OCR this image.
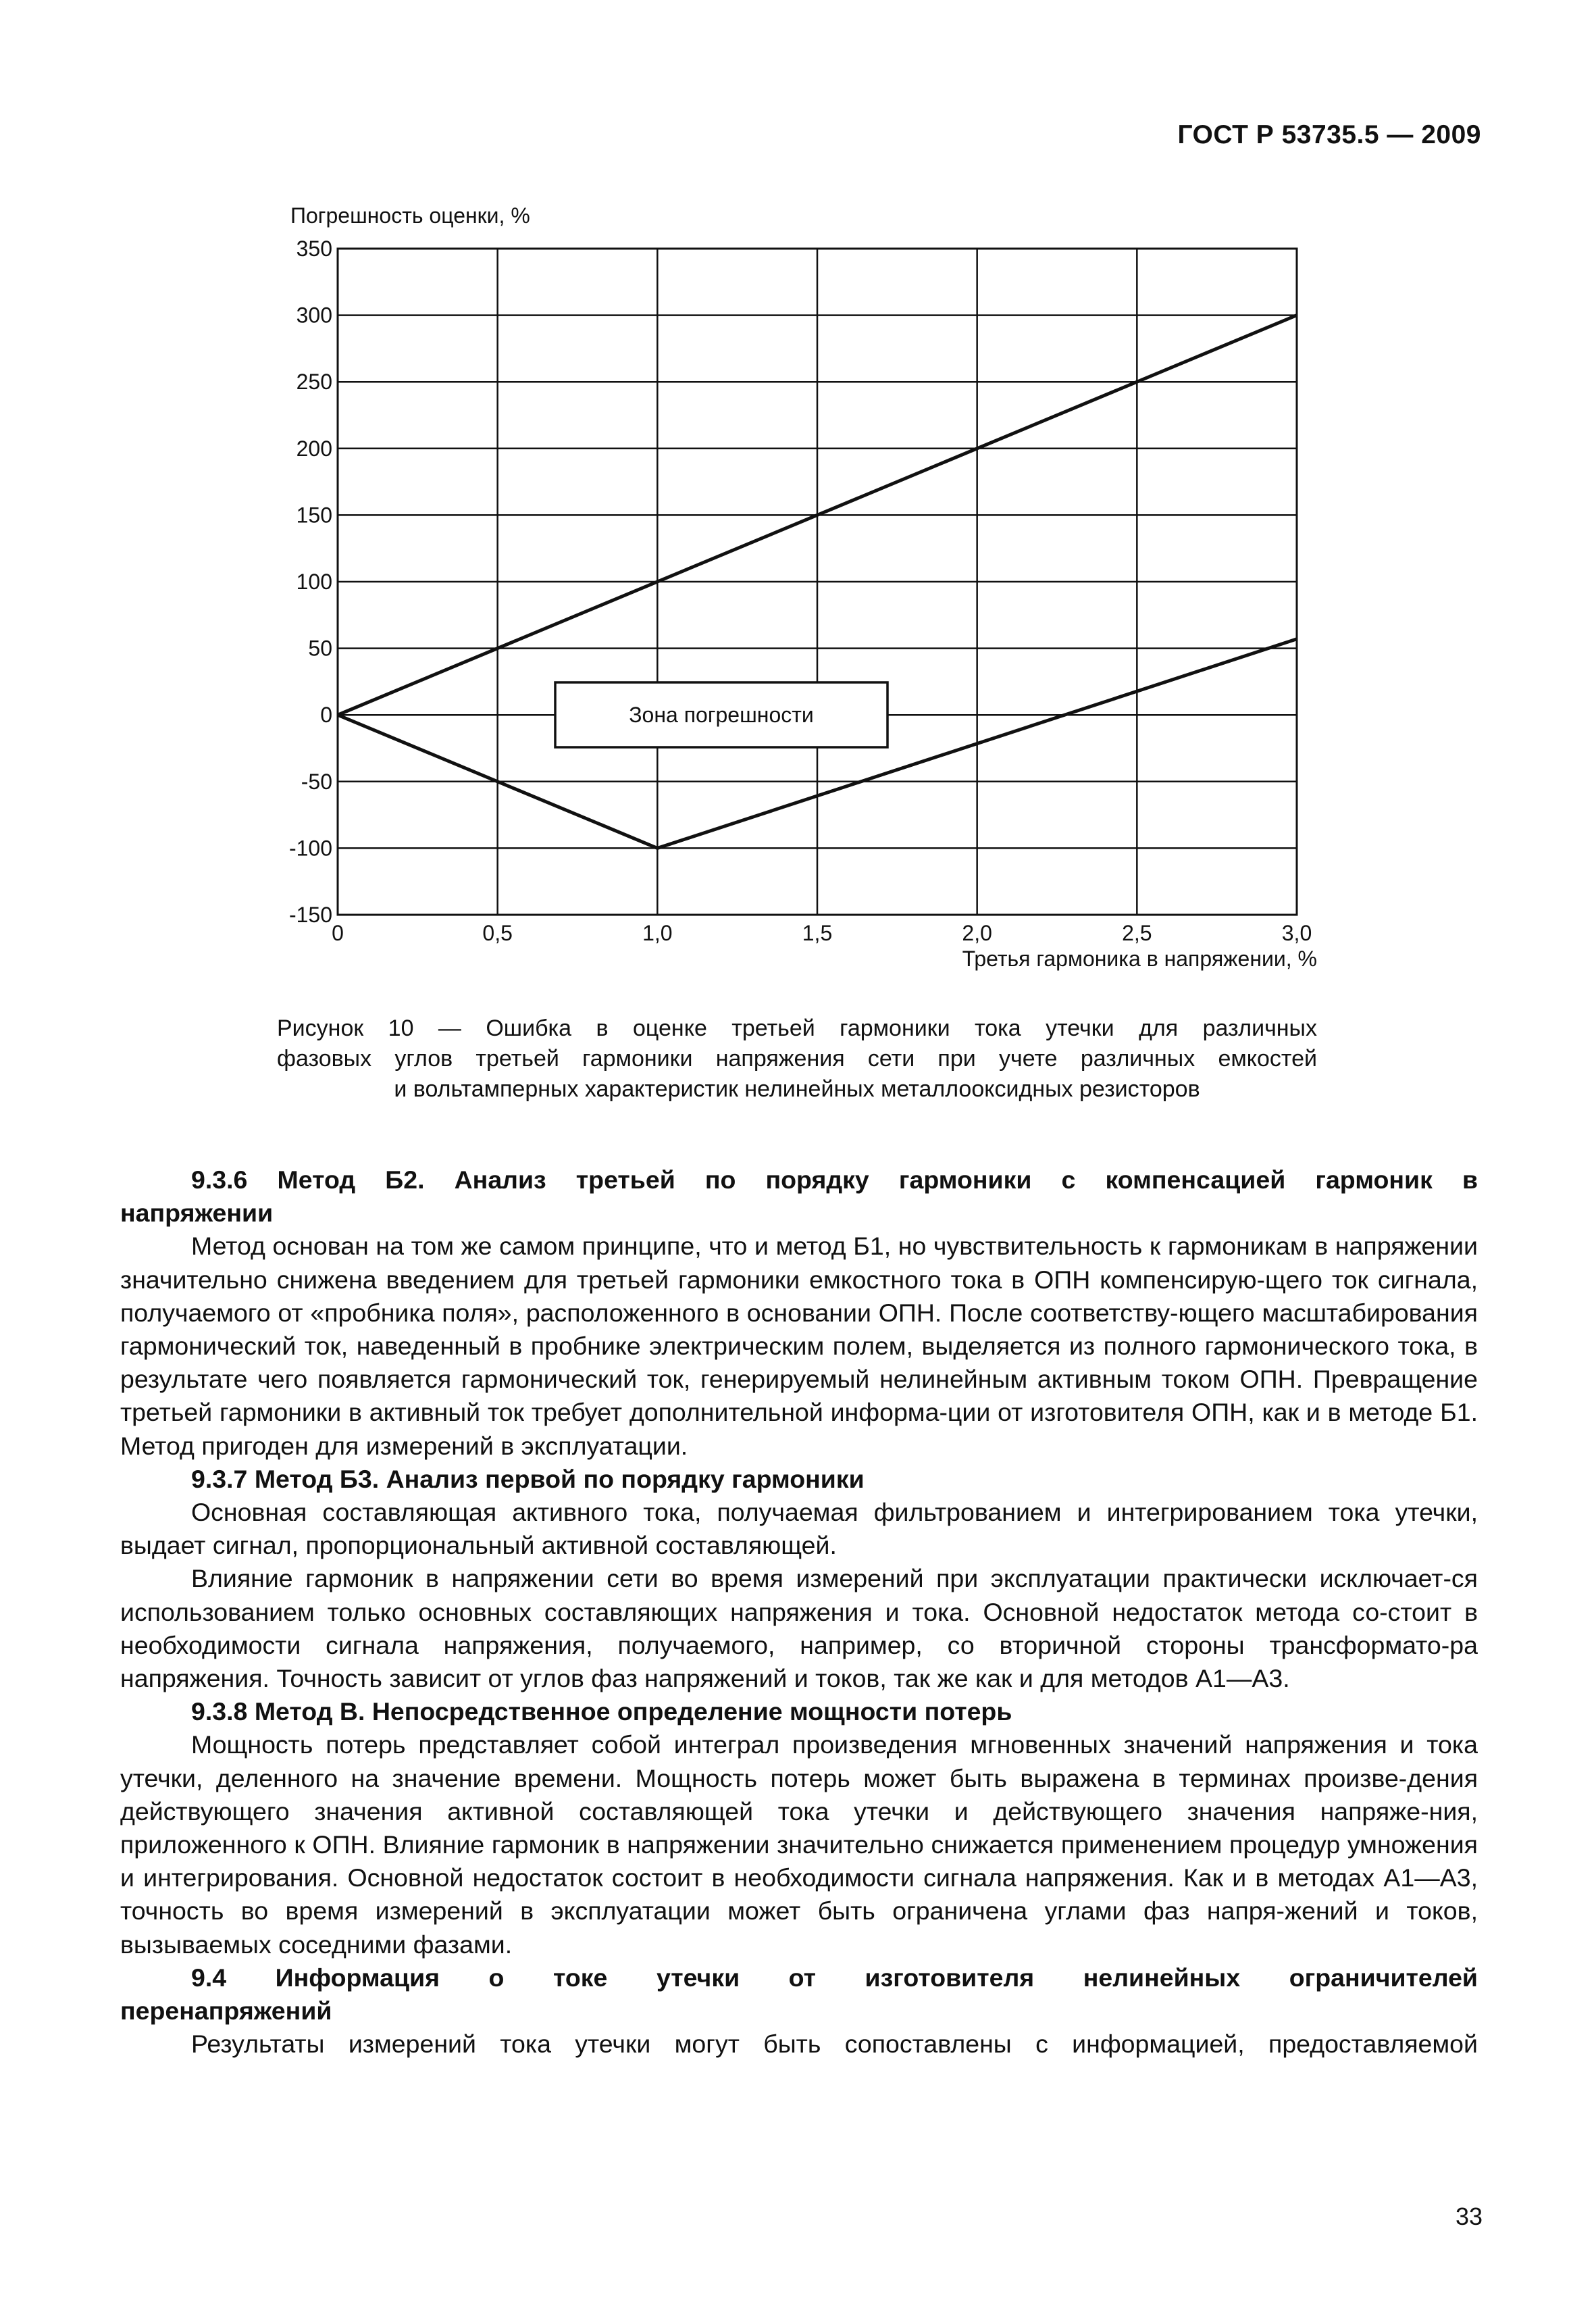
ГОСТ Р 53735.5 — 2009
Погрешность оценки, %
Зона погрешности
350
300
250
200
150
100
50
0
-50
-100
-150
0	0,5	1,0	1,5	2,0	2,5	3,0
Третья гармоника в напряжении, %
Рисунок 10 — Ошибка в оценке третьей гармоники тока утечки для различных
фазовых углов третьей гармоники напряжения сети при учете различных емкостей
и вольтамперных характеристик нелинейных металлооксидных резисторов

9.3.6 Метод Б2. Анализ третьей по порядку гармоники с компенсацией гармоник в

напряжении

Метод основан на том же самом принципе, что и метод Б1, но чувствительность к гармоникам в напряжении значительно снижена введением для третьей гармоники емкостного тока в ОПН компенсирую-щего ток сигнала, получаемого от «пробника поля», расположенного в основании ОПН. После соответству-ющего масштабирования гармонический ток, наведенный в пробнике электрическим полем, выделяется из полного гармонического тока, в результате чего появляется гармонический ток, генерируемый нелинейным активным током ОПН. Превращение третьей гармоники в активный ток требует дополнительной информа-ции от изготовителя ОПН, как и в методе Б1. Метод пригоден для измерений в эксплуатации.

9.3.7 Метод Б3. Анализ первой по порядку гармоники

Основная составляющая активного тока, получаемая фильтрованием и интегрированием тока утечки, выдает сигнал, пропорциональный активной составляющей.

Влияние гармоник в напряжении сети во время измерений при эксплуатации практически исключает-ся использованием только основных составляющих напряжения и тока. Основной недостаток метода со-стоит в необходимости сигнала напряжения, получаемого, например, со вторичной стороны трансформато-ра напряжения. Точность зависит от углов фаз напряжений и токов, так же как и для методов А1—А3.

9.3.8 Метод В. Непосредственное определение мощности потерь

Мощность потерь представляет собой интеграл произведения мгновенных значений напряжения и тока утечки, деленного на значение времени. Мощность потерь может быть выражена в терминах произве-дения действующего значения активной составляющей тока утечки и действующего значения напряже-ния, приложенного к ОПН. Влияние гармоник в напряжении значительно снижается применением процедур умножения и интегрирования. Основной недостаток состоит в необходимости сигнала напряжения. Как и в методах А1—А3, точность во время измерений в эксплуатации может быть ограничена углами фаз напря-жений и токов, вызываемых соседними фазами.

9.4 Информация о токе утечки от изготовителя нелинейных ограничителей

перенапряжений

Результаты измерений тока утечки могут быть сопоставлены с информацией, предоставляемой

33
